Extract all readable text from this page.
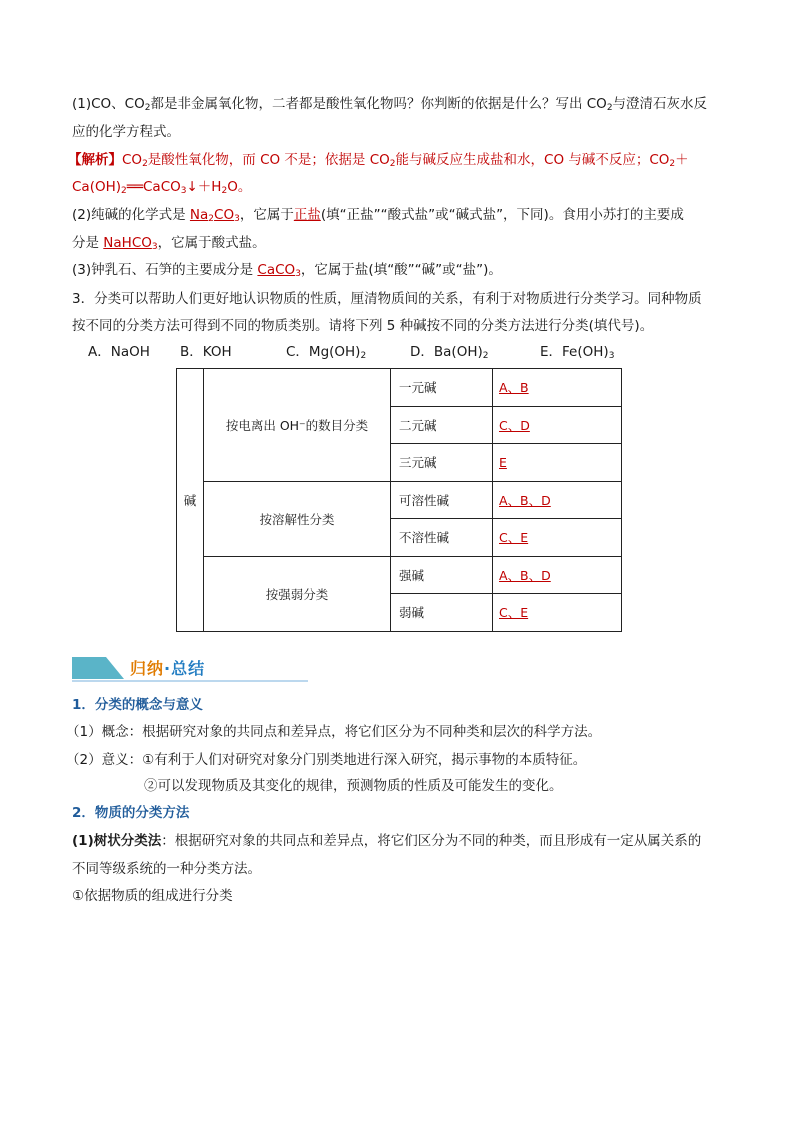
(1)CO、$CO_2$都是非金属氧化物，二者都是酸性氧化物吗？你判断的依据是什么？写出 $CO_2$与澄清石灰水反
应的化学方程式。
【解析】$CO_2$是酸性氧化物，而 CO 不是；依据是 $CO_2$能与碱反应生成盐和水，CO 与碱不反应；$CO_2+$
$Ca(OH)_2══CaCO_3↓+H_2O$。
(2)纯碱的化学式是 $Na_2CO_3$，它属于正盐(填“正盐”“酸式盐”或“碱式盐”，下同)。食用小苏打的主要成
分是 NaHCO$_3$，它属于酸式盐。
(3)钟乳石、石笋的主要成分是 CaCO$_3$，它属于盐(填“酸”“碱”或“盐”)。
3．分类可以帮助人们更好地认识物质的性质，厘清物质间的关系，有利于对物质进行分类学习。同种物质
按不同的分类方法可得到不同的物质类别。请将下列 5 种碱按不同的分类方法进行分类(填代号)。
A．NaOH B．KOH	C．$Mg(OH)_2$	D．$Ba(OH)_2$	E．$Fe(OH)_3$
碱	按电离出 OH⁻的数目分类	一元碱	A、B
		二元碱	C、D
		三元碱	E
	按溶解性分类	可溶性碱	A、B、D
		不溶性碱	C、E
	按强弱分类	强碱	A、B、D
		弱碱	C、E
归纳·总结
1．分类的概念与意义
（1）概念：根据研究对象的共同点和差异点，将它们区分为不同种类和层次的科学方法。
（2）意义：①有利于人们对研究对象分门别类地进行深入研究，揭示事物的本质特征。
②可以发现物质及其变化的规律，预测物质的性质及可能发生的变化。
2．物质的分类方法
(1)树状分类法：根据研究对象的共同点和差异点，将它们区分为不同的种类，而且形成有一定从属关系的
不同等级系统的一种分类方法。
①依据物质的组成进行分类
